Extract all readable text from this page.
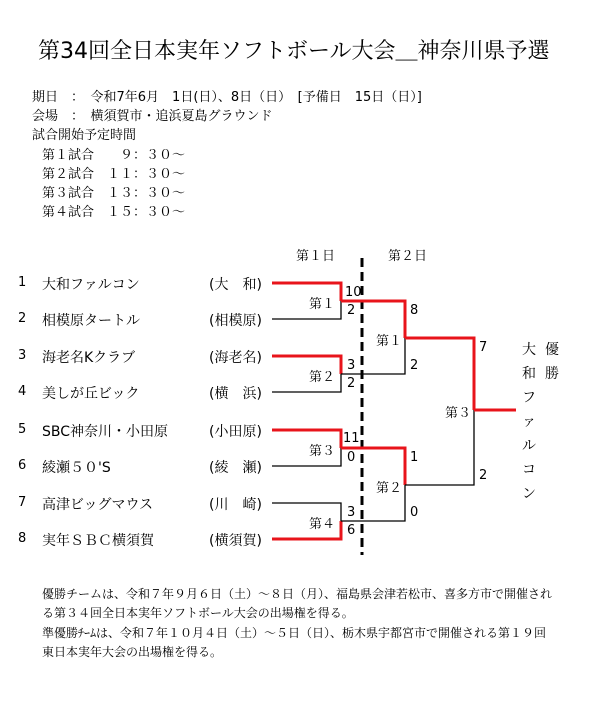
第34回全日本実年ソフトボール大会＿神奈川県予選
期日　：　令和7年6月　1日(日）、8日（日）　[予備日　15日（日）]
会場　：　横須賀市・追浜夏島グラウンド
試合開始予定時間
第１試合　　９：３０～
第２試合　１１：３０～
第３試合　１３：３０～
第４試合　１５：３０～
第１日	第２日
1 大和ファルコン	(大　和)
2 相模原タートル	(相模原)
3 海老名Kクラブ	(海老名)
4 美しが丘ビック	(横　浜)
5 SBC神奈川・小田原	(小田原)
6 綾瀬５０'S	(綾　瀬)
7 高津ビッグマウス	(川　崎)
8 実年ＳＢＣ横須賀	(横須賀)
第１
10
2
第２
3
2
第３
11
0
第４
3
6
第１
8
2
第２
1
0
第３
7
2
優勝
大和ファルコン
優勝チームは、令和７年９月６日（土）～８日（月）、福島県会津若松市、喜多方市で開催され
る第３４回全日本実年ソフトボール大会の出場権を得る。
準優勝ﾁｰﾑは、令和７年１０月４日（土）～５日（日）、栃木県宇都宮市で開催される第１９回
東日本実年大会の出場権を得る。
